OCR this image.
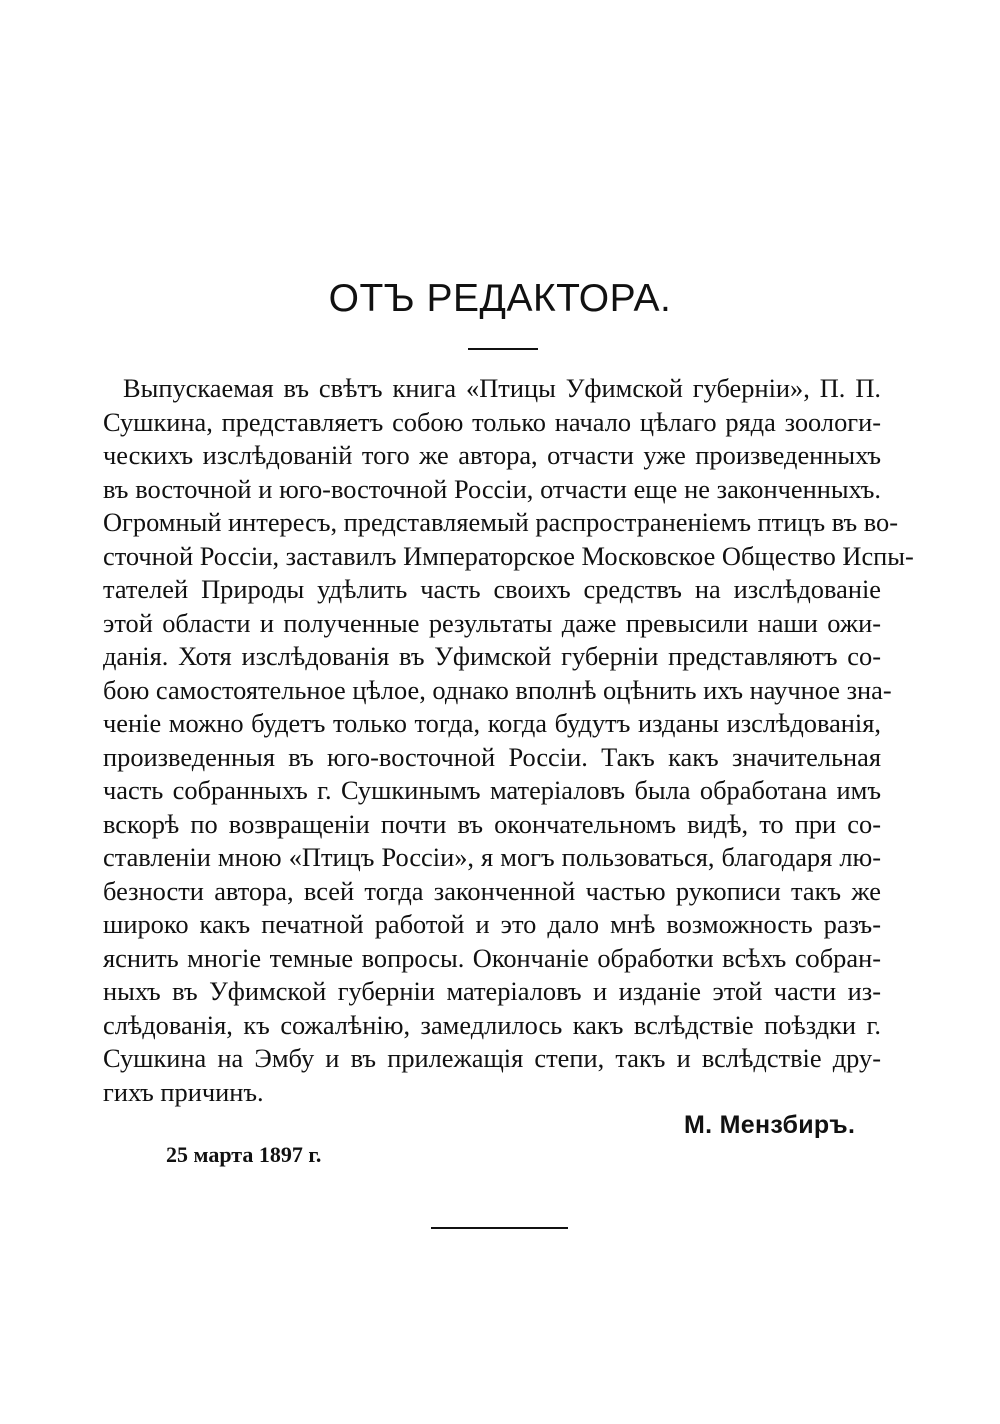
ОТЪ РЕДАКТОРА.
Выпускаемая въ свѣтъ книга «Птицы Уфимской губерніи», П. П.
Сушкина, представляетъ собою только начало цѣлаго ряда зоологи-
ческихъ изслѣдованій того же автора, отчасти уже произведенныхъ
въ восточной и юго-восточной Россіи, отчасти еще не законченныхъ.
Огромный интересъ, представляемый распространеніемъ птицъ въ во-
сточной Россіи, заставилъ Императорское Московское Общество Испы-
тателей Природы удѣлить часть своихъ средствъ на изслѣдованіе
этой области и полученные результаты даже превысили наши ожи-
данія. Хотя изслѣдованія въ Уфимской губерніи представляютъ со-
бою самостоятельное цѣлое, однако вполнѣ оцѣнить ихъ научное зна-
ченіе можно будетъ только тогда, когда будутъ изданы изслѣдованія,
произведенныя въ юго-восточной Россіи. Такъ какъ значительная
часть собранныхъ г. Сушкинымъ матеріаловъ была обработана имъ
вскорѣ по возвращеніи почти въ окончательномъ видѣ, то при со-
ставленіи мною «Птицъ Россіи», я могъ пользоваться, благодаря лю-
безности автора, всей тогда законченной частью рукописи такъ же
широко какъ печатной работой и это дало мнѣ возможность разъ-
яснить многіе темные вопросы. Окончаніе обработки всѣхъ собран-
ныхъ въ Уфимской губерніи матеріаловъ и изданіе этой части из-
слѣдованія, къ сожалѣнію, замедлилось какъ вслѣдствіе поѣздки г.
Сушкина на Эмбу и въ прилежащія степи, такъ и вслѣдствіе дру-
гихъ причинъ.
М. Мензбиръ.
25 марта 1897 г.
